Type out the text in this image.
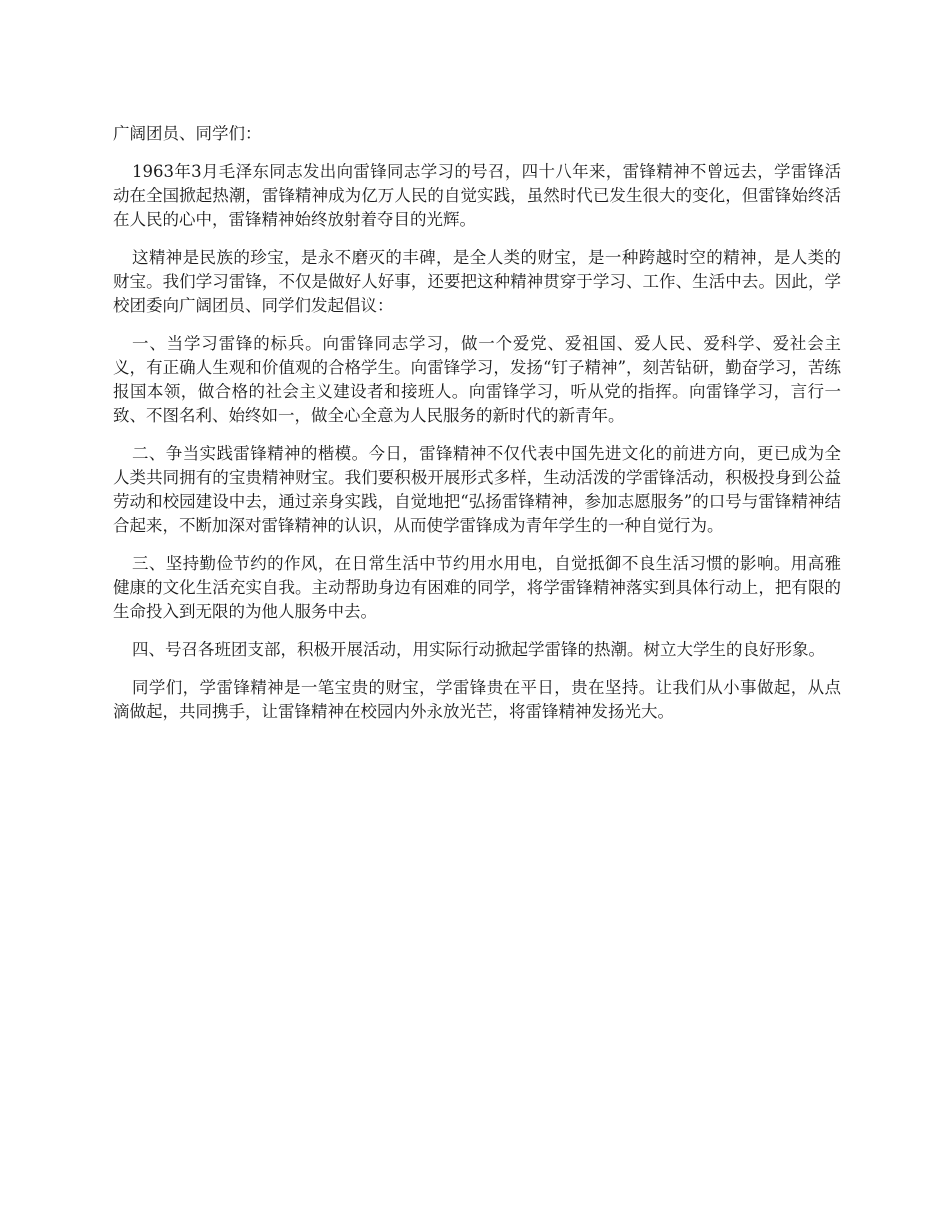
广阔团员、同学们：

1963年3月毛泽东同志发出向雷锋同志学习的号召，四十八年来，雷锋精神不曾远去，学雷锋活动在全国掀起热潮，雷锋精神成为亿万人民的自觉实践，虽然时代已发生很大的变化，但雷锋始终活在人民的心中，雷锋精神始终放射着夺目的光辉。

这精神是民族的珍宝，是永不磨灭的丰碑，是全人类的财宝，是一种跨越时空的精神，是人类的财宝。我们学习雷锋，不仅是做好人好事，还要把这种精神贯穿于学习、工作、生活中去。因此，学校团委向广阔团员、同学们发起倡议：

一、当学习雷锋的标兵。向雷锋同志学习，做一个爱党、爱祖国、爱人民、爱科学、爱社会主义，有正确人生观和价值观的合格学生。向雷锋学习，发扬“钉子精神”，刻苦钻研，勤奋学习，苦练报国本领，做合格的社会主义建设者和接班人。向雷锋学习，听从党的指挥。向雷锋学习，言行一致、不图名利、始终如一，做全心全意为人民服务的新时代的新青年。

二、争当实践雷锋精神的楷模。今日，雷锋精神不仅代表中国先进文化的前进方向，更已成为全人类共同拥有的宝贵精神财宝。我们要积极开展形式多样，生动活泼的学雷锋活动，积极投身到公益劳动和校园建设中去，通过亲身实践，自觉地把“弘扬雷锋精神，参加志愿服务”的口号与雷锋精神结合起来，不断加深对雷锋精神的认识，从而使学雷锋成为青年学生的一种自觉行为。

三、坚持勤俭节约的作风，在日常生活中节约用水用电，自觉抵御不良生活习惯的影响。用高雅健康的文化生活充实自我。主动帮助身边有困难的同学，将学雷锋精神落实到具体行动上，把有限的生命投入到无限的为他人服务中去。

四、号召各班团支部，积极开展活动，用实际行动掀起学雷锋的热潮。树立大学生的良好形象。

同学们，学雷锋精神是一笔宝贵的财宝，学雷锋贵在平日，贵在坚持。让我们从小事做起，从点滴做起，共同携手，让雷锋精神在校园内外永放光芒，将雷锋精神发扬光大。
